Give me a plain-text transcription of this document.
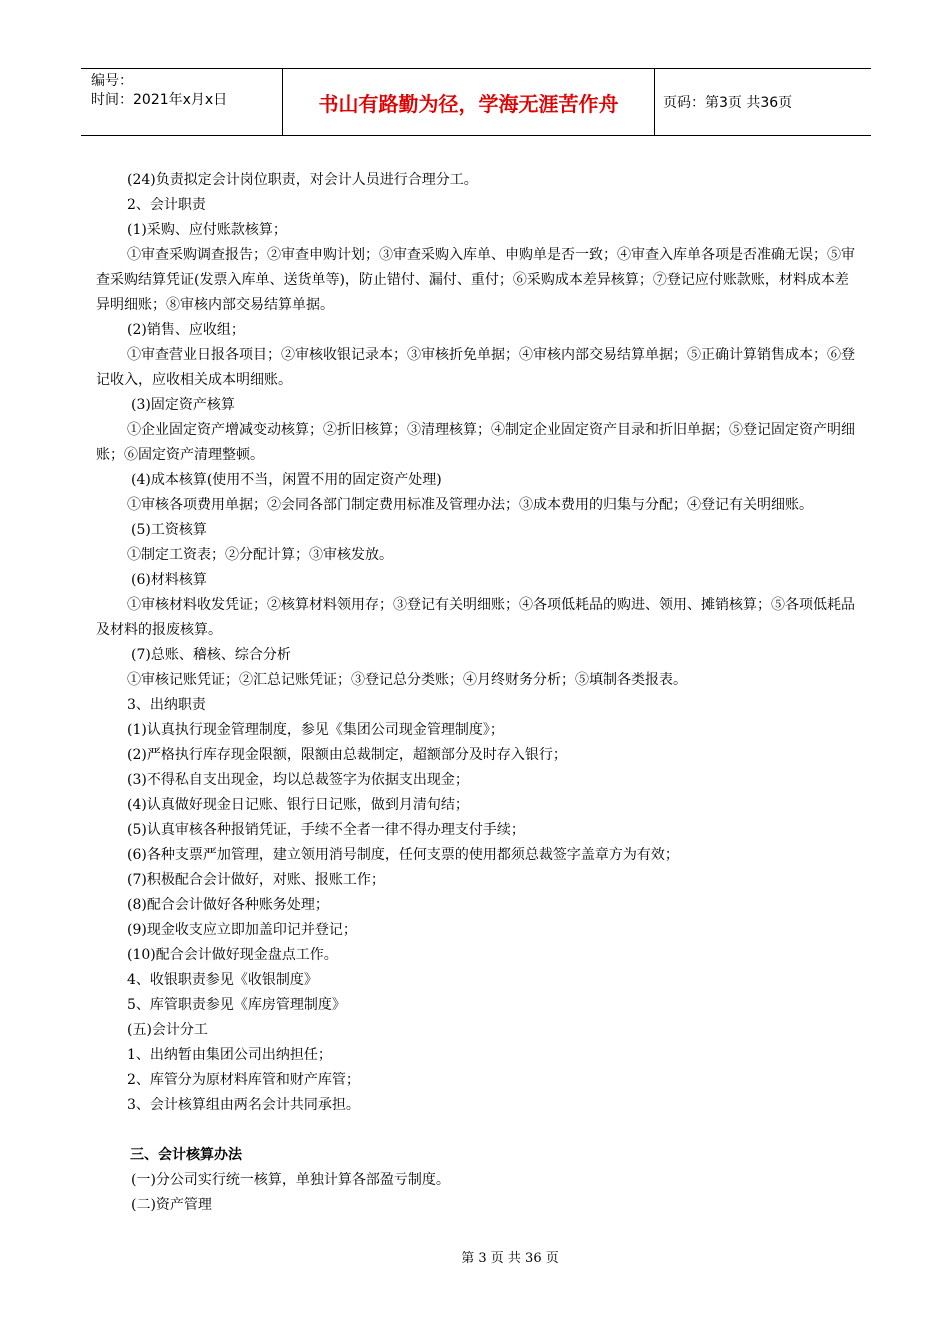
编号：
时间：2021年x月x日	书山有路勤为径，学海无涯苦作舟	页码：第3页 共36页

(24)负责拟定会计岗位职责，对会计人员进行合理分工。

2、会计职责

(1)采购、应付账款核算；

①审查采购调查报告；②审查申购计划；③审查采购入库单、申购单是否一致；④审查入库单各项是否准确无误；⑤审查采购结算凭证(发票入库单、送货单等)，防止错付、漏付、重付；⑥采购成本差异核算；⑦登记应付账款账，材料成本差异明细账；⑧审核内部交易结算单据。

(2)销售、应收组；

①审查营业日报各项目；②审核收银记录本；③审核折免单据；④审核内部交易结算单据；⑤正确计算销售成本；⑥登记收入，应收相关成本明细账。

(3)固定资产核算

①企业固定资产增减变动核算；②折旧核算；③清理核算；④制定企业固定资产目录和折旧单据；⑤登记固定资产明细账；⑥固定资产清理整顿。

(4)成本核算(使用不当，闲置不用的固定资产处理)

①审核各项费用单据；②会同各部门制定费用标准及管理办法；③成本费用的归集与分配；④登记有关明细账。

(5)工资核算

①制定工资表；②分配计算；③审核发放。

(6)材料核算

①审核材料收发凭证；②核算材料领用存；③登记有关明细账；④各项低耗品的购进、领用、摊销核算；⑤各项低耗品及材料的报废核算。

(7)总账、稽核、综合分析

①审核记账凭证；②汇总记账凭证；③登记总分类账；④月终财务分析；⑤填制各类报表。

3、出纳职责

(1)认真执行现金管理制度，参见《集团公司现金管理制度》；

(2)严格执行库存现金限额，限额由总裁制定，超额部分及时存入银行；

(3)不得私自支出现金，均以总裁签字为依据支出现金；

(4)认真做好现金日记账、银行日记账，做到月清旬结；

(5)认真审核各种报销凭证，手续不全者一律不得办理支付手续；

(6)各种支票严加管理，建立领用消号制度，任何支票的使用都须总裁签字盖章方为有效；

(7)积极配合会计做好，对账、报账工作；

(8)配合会计做好各种账务处理；

(9)现金收支应立即加盖印记并登记；

(10)配合会计做好现金盘点工作。

4、收银职责参见《收银制度》

5、库管职责参见《库房管理制度》

(五)会计分工

1、出纳暂由集团公司出纳担任；

2、库管分为原材料库管和财产库管；

3、会计核算组由两名会计共同承担。

三、会计核算办法

(一)分公司实行统一核算，单独计算各部盈亏制度。

(二)资产管理

第 3 页 共 36 页
